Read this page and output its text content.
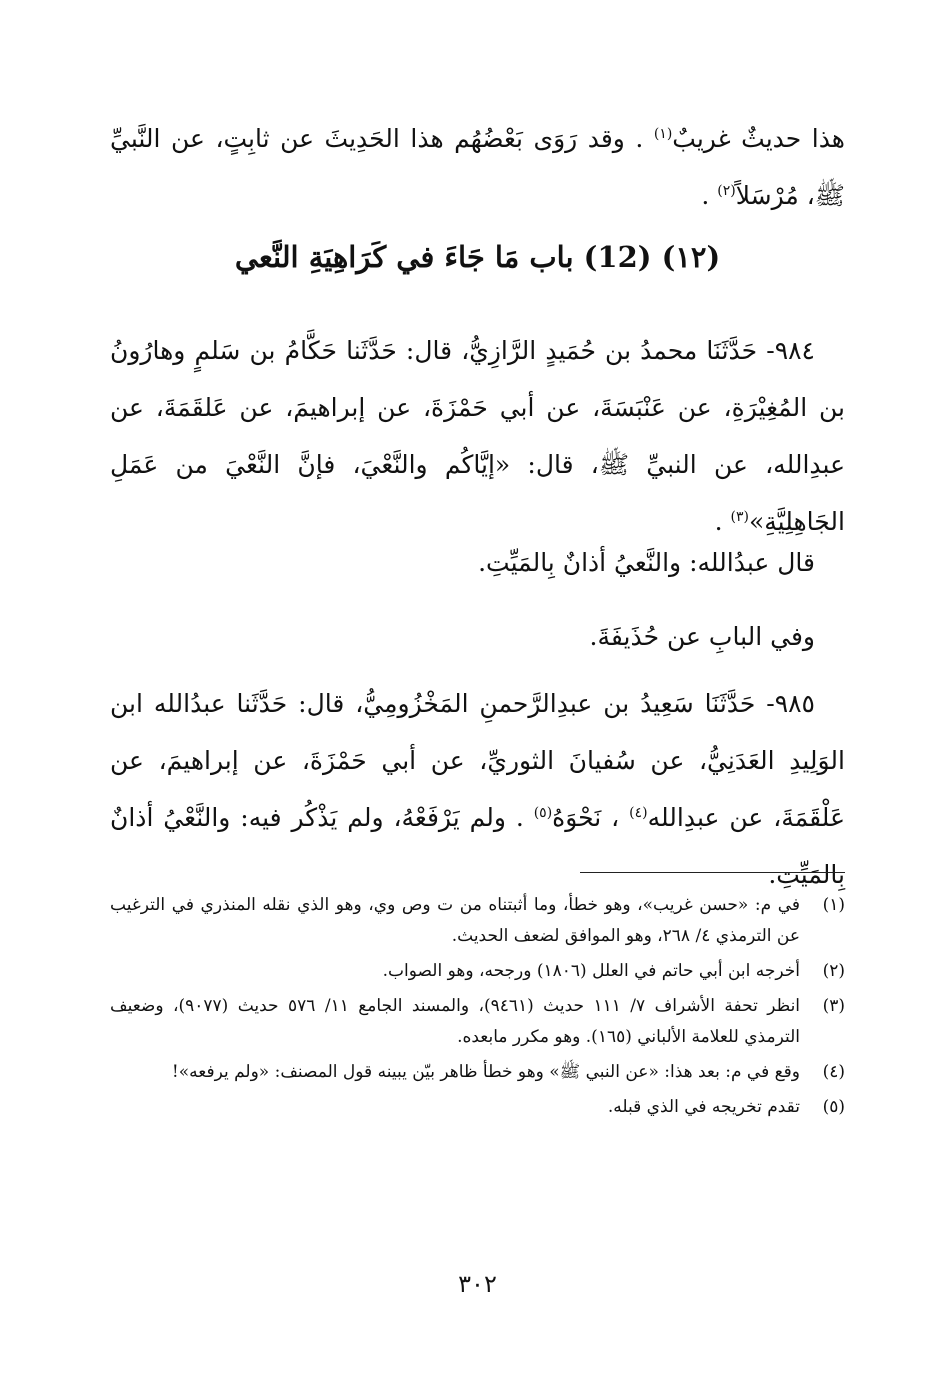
هذا حديثٌ غريبٌ$^{(١)}$ . وقد رَوَى بَعْضُهُم هذا الحَدِيثَ عن ثابِتٍ، عن النَّبيِّ ﷺ، مُرْسَلاً$^{(٢)}$ .

(١٢) (12) باب مَا جَاءَ في كَرَاهِيَةِ النَّعي

٩٨٤- حَدَّثَنَا محمدُ بن حُمَيدٍ الرَّازِيُّ، قال: حَدَّثَنا حَكَّامُ بن سَلمٍ وهارُونُ بن المُغِيْرَةِ، عن عَنْبَسَةَ، عن أبي حَمْزَةَ، عن إبراهيمَ، عن عَلقَمَةَ، عن عبدِالله، عن النبيِّ ﷺ، قال: «إيَّاكُم والنَّعْيَ، فإنَّ النَّعْيَ من عَمَلِ الجَاهِلِيَّةِ»$^{(٣)}$ .

قال عبدُالله: والنَّعيُ أذانٌ بِالمَيِّتِ.

وفي البابِ عن حُذَيفَةَ.

٩٨٥- حَدَّثَنَا سَعِيدُ بن عبدِالرَّحمنِ المَخْزُومِيُّ، قال: حَدَّثَنا عبدُالله ابن الوَلِيدِ العَدَنِيُّ، عن سُفيانَ الثوريِّ، عن أبي حَمْزَةَ، عن إبراهيمَ، عن عَلْقَمَةَ، عن عبدِالله$^{(٤)}$ ، نَحْوَهُ$^{(٥)}$ . ولم يَرْفَعْهُ، ولم يَذْكُر فيه: والنَّعْيُ أذانٌ بِالمَيِّتِ.

(١)
في م: «حسن غريب»، وهو خطأ، وما أثبتناه من ت وص وي، وهو الذي نقله المنذري في الترغيب عن الترمذي ٤/ ٢٦٨، وهو الموافق لضعف الحديث.
(٢)
أخرجه ابن أبي حاتم في العلل (١٨٠٦) ورجحه، وهو الصواب.
(٣)
انظر تحفة الأشراف ٧/ ١١١ حديث (٩٤٦١)، والمسند الجامع ١١/ ٥٧٦ حديث (٩٠٧٧)، وضعيف الترمذي للعلامة الألباني (١٦٥). وهو مكرر مابعده.
(٤)
وقع في م: بعد هذا: «عن النبي ﷺ» وهو خطأ ظاهر بيّن يبينه قول المصنف: «ولم يرفعه»!
(٥)
تقدم تخريجه في الذي قبله.
٣٠٢
